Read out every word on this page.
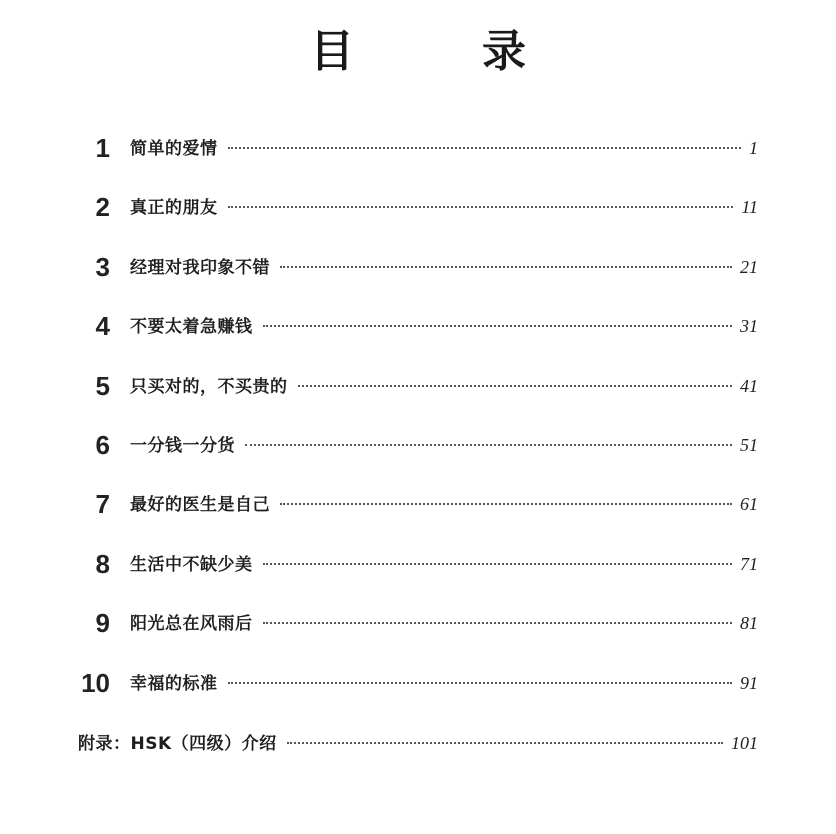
目　录
1 简单的爱情	1
2 真正的朋友	11
3 经理对我印象不错	21
4 不要太着急赚钱	31
5 只买对的，不买贵的	41
6 一分钱一分货	51
7 最好的医生是自己	61
8 生活中不缺少美	71
9 阳光总在风雨后	81
10 幸福的标准	91
附录：HSK（四级）介绍	101
